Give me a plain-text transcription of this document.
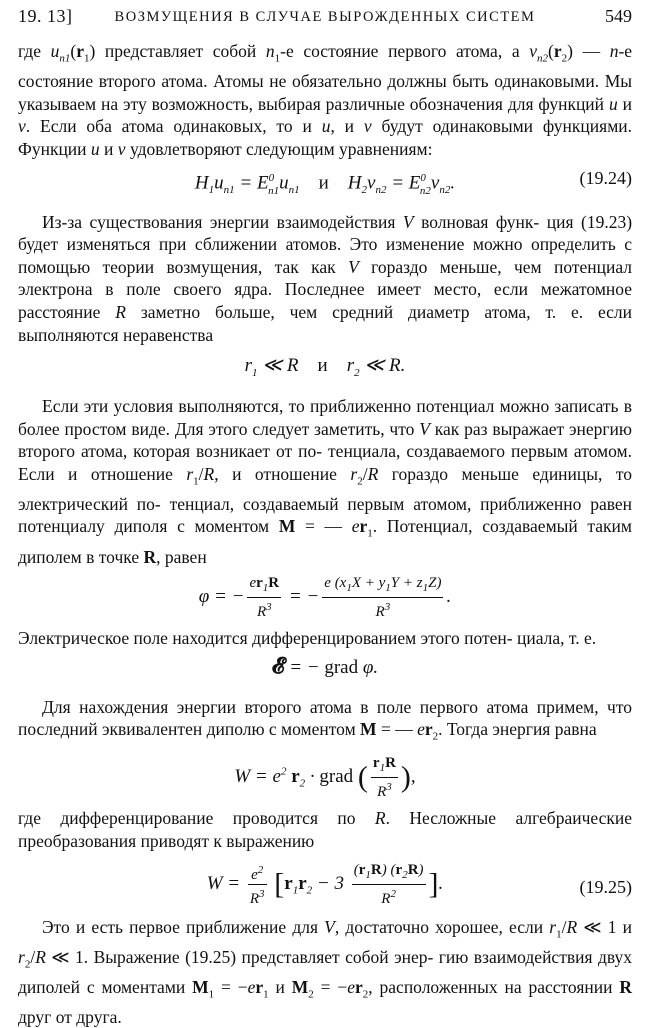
19. 13]	ВОЗМУЩЕНИЯ В СЛУЧАЕ ВЫРОЖДЕННЫХ СИСТЕМ	549

где $u_{n1}(r_1)$ представляет собой $n_1-е$ состояние первого атома, а $v_{n2}(r_2)$ — n-е состояние второго атома. Атомы не обязательно должны быть одинаковыми. Мы указываем на эту возможность, выбирая различные обозначения для функций u и v. Если оба атома одинаковых, то и u, и v будут одинаковыми функциями. Функции u и v удовлетворяют следующим уравнениям:

$H_1u_{n1} = E^0_{n1}u_{n1}$ и    $H_2v_{n2} = E^0_{n2}v_{n2}$.	(19.24)

Из-за существования энергии взаимодействия V волновая функ- ция (19.23) будет изменяться при сближении атомов. Это изменение можно определить с помощью теории возмущения, так как V гораздо меньше, чем потенциал электрона в поле своего ядра. Последнее имеет место, если межатомное расстояние R заметно больше, чем средний диаметр атома, т. е. если выполняются неравенства

$r_1$ ≪ R    и    $r_2$ ≪ R.

Если эти условия выполняются, то приближенно потенциал можно записать в более простом виде. Для этого следует заметить, что V как раз выражает энергию второго атома, которая возникает от по- тенциала, создаваемого первым атомом. Если и отношение $r_1/R$, и отношение $r_2/R$ гораздо меньше единицы, то электрический по- тенциал, создаваемый первым атомом, приближенно равен потенциалу диполя с моментом M = — $er_1$. Потенциал, создаваемый таким диполем в точке R, равен

φ = − $\frac{er_1R}{R^3}$ = − $\frac{e (x_1X + y_1Y + z_1Z)}{R^3}$ .

Электрическое поле находится дифференцированием этого потен- циала, т. е.

𝓔 = − grad φ.

Для нахождения энергии второго атома в поле первого атома примем, что последний эквивалентен диполю с моментом M = — $er_2$. Тогда энергия равна

$W = e^2$ $r_2$ · grad ( $\frac{r_1R}{R^3}$ ),

где дифференцирование проводится по R. Несложные алгебраические преобразования приводят к выражению

$W = \frac{e^2}{R^3} [r_1r_2 - 3 \frac{(r_1R) (r_2R)}{R^2}$ ].	(19.25)

Это и есть первое приближение для V, достаточно хорошее, если $r_1/R$ ≪ 1 и $r_2/R$ ≪ 1. Выражение (19.25) представляет собой энер- гию взаимодействия двух диполей с моментами $M_1 = -er_1$ и $M_2 = -er_2$, расположенных на расстоянии R друг от друга.
